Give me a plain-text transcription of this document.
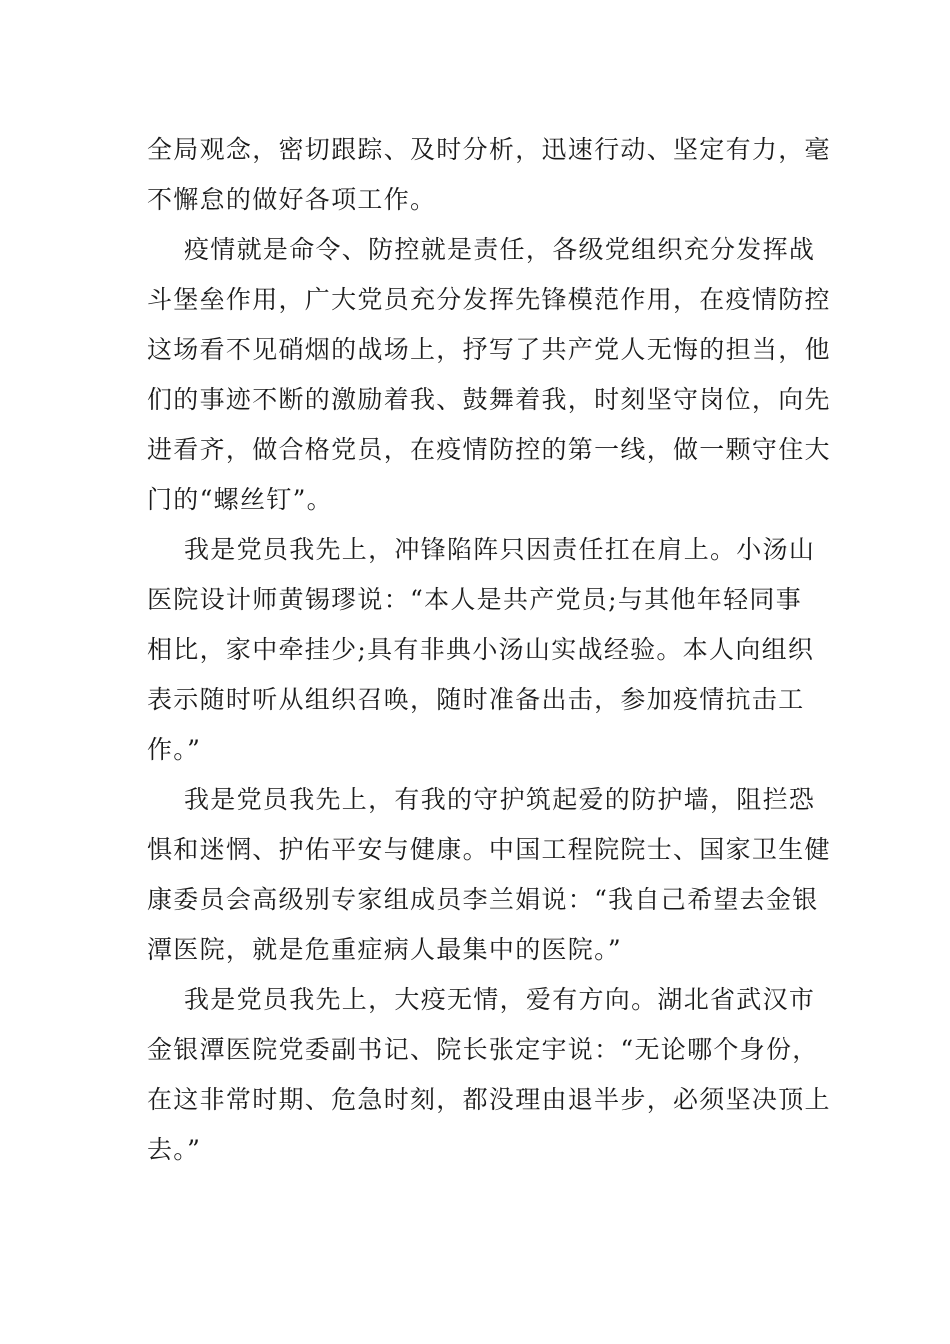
全局观念，密切跟踪、及时分析，迅速行动、坚定有力，毫
不懈怠的做好各项工作。
疫情就是命令、防控就是责任，各级党组织充分发挥战
斗堡垒作用，广大党员充分发挥先锋模范作用，在疫情防控
这场看不见硝烟的战场上，抒写了共产党人无悔的担当，他
们的事迹不断的激励着我、鼓舞着我，时刻坚守岗位，向先
进看齐，做合格党员，在疫情防控的第一线，做一颗守住大
门的“螺丝钉”。
我是党员我先上，冲锋陷阵只因责任扛在肩上。小汤山
医院设计师黄锡璆说：“本人是共产党员;与其他年轻同事
相比，家中牵挂少;具有非典小汤山实战经验。本人向组织
表示随时听从组织召唤，随时准备出击，参加疫情抗击工
作。”
我是党员我先上，有我的守护筑起爱的防护墙，阻拦恐
惧和迷惘、护佑平安与健康。中国工程院院士、国家卫生健
康委员会高级别专家组成员李兰娟说：“我自己希望去金银
潭医院，就是危重症病人最集中的医院。”
我是党员我先上，大疫无情，爱有方向。湖北省武汉市
金银潭医院党委副书记、院长张定宇说：“无论哪个身份，
在这非常时期、危急时刻，都没理由退半步，必须坚决顶上
去。”
